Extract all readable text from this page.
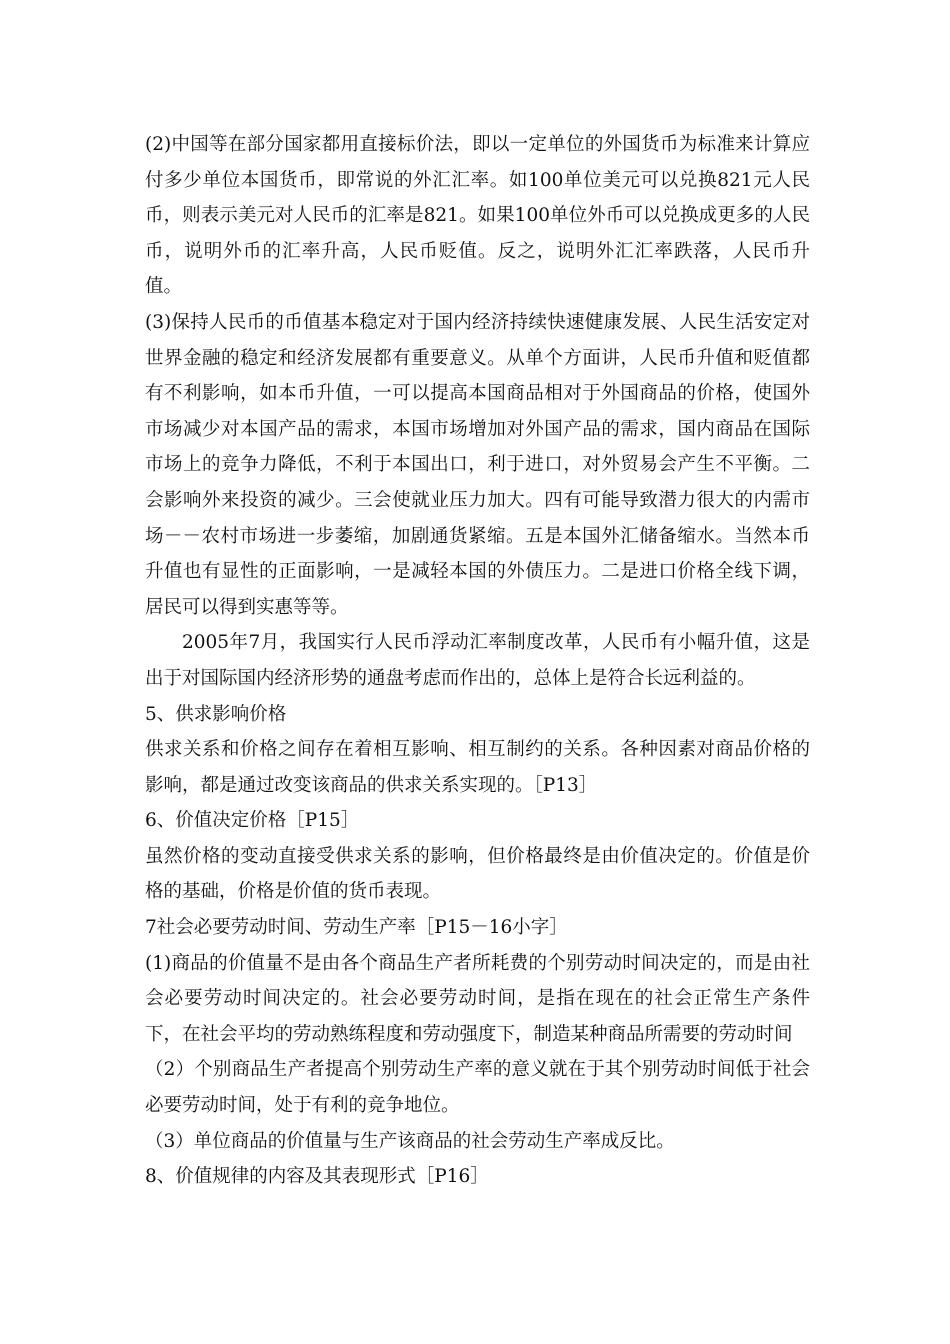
(2)中国等在部分国家都用直接标价法，即以一定单位的外国货币为标准来计算应付多少单位本国货币，即常说的外汇汇率。如100单位美元可以兑换821元人民币，则表示美元对人民币的汇率是821。如果100单位外币可以兑换成更多的人民币，说明外币的汇率升高，人民币贬值。反之，说明外汇汇率跌落，人民币升值。

(3)保持人民币的币值基本稳定对于国内经济持续快速健康发展、人民生活安定对世界金融的稳定和经济发展都有重要意义。从单个方面讲，人民币升值和贬值都有不利影响，如本币升值，一可以提高本国商品相对于外国商品的价格，使国外市场减少对本国产品的需求，本国市场增加对外国产品的需求，国内商品在国际市场上的竞争力降低，不利于本国出口，利于进口，对外贸易会产生不平衡。二会影响外来投资的减少。三会使就业压力加大。四有可能导致潜力很大的内需市场－－农村市场进一步萎缩，加剧通货紧缩。五是本国外汇储备缩水。当然本币升值也有显性的正面影响，一是减轻本国的外债压力。二是进口价格全线下调，居民可以得到实惠等等。

2005年7月，我国实行人民币浮动汇率制度改革，人民币有小幅升值，这是出于对国际国内经济形势的通盘考虑而作出的，总体上是符合长远利益的。

5、供求影响价格

供求关系和价格之间存在着相互影响、相互制约的关系。各种因素对商品价格的影响，都是通过改变该商品的供求关系实现的。［P13］

6、价值决定价格［P15］

虽然价格的变动直接受供求关系的影响，但价格最终是由价值决定的。价值是价格的基础，价格是价值的货币表现。

7社会必要劳动时间、劳动生产率［P15－16小字］

(1)商品的价值量不是由各个商品生产者所耗费的个别劳动时间决定的，而是由社会必要劳动时间决定的。社会必要劳动时间，是指在现在的社会正常生产条件下，在社会平均的劳动熟练程度和劳动强度下，制造某种商品所需要的劳动时间

（2）个别商品生产者提高个别劳动生产率的意义就在于其个别劳动时间低于社会必要劳动时间，处于有利的竞争地位。

（3）单位商品的价值量与生产该商品的社会劳动生产率成反比。

8、价值规律的内容及其表现形式［P16］
